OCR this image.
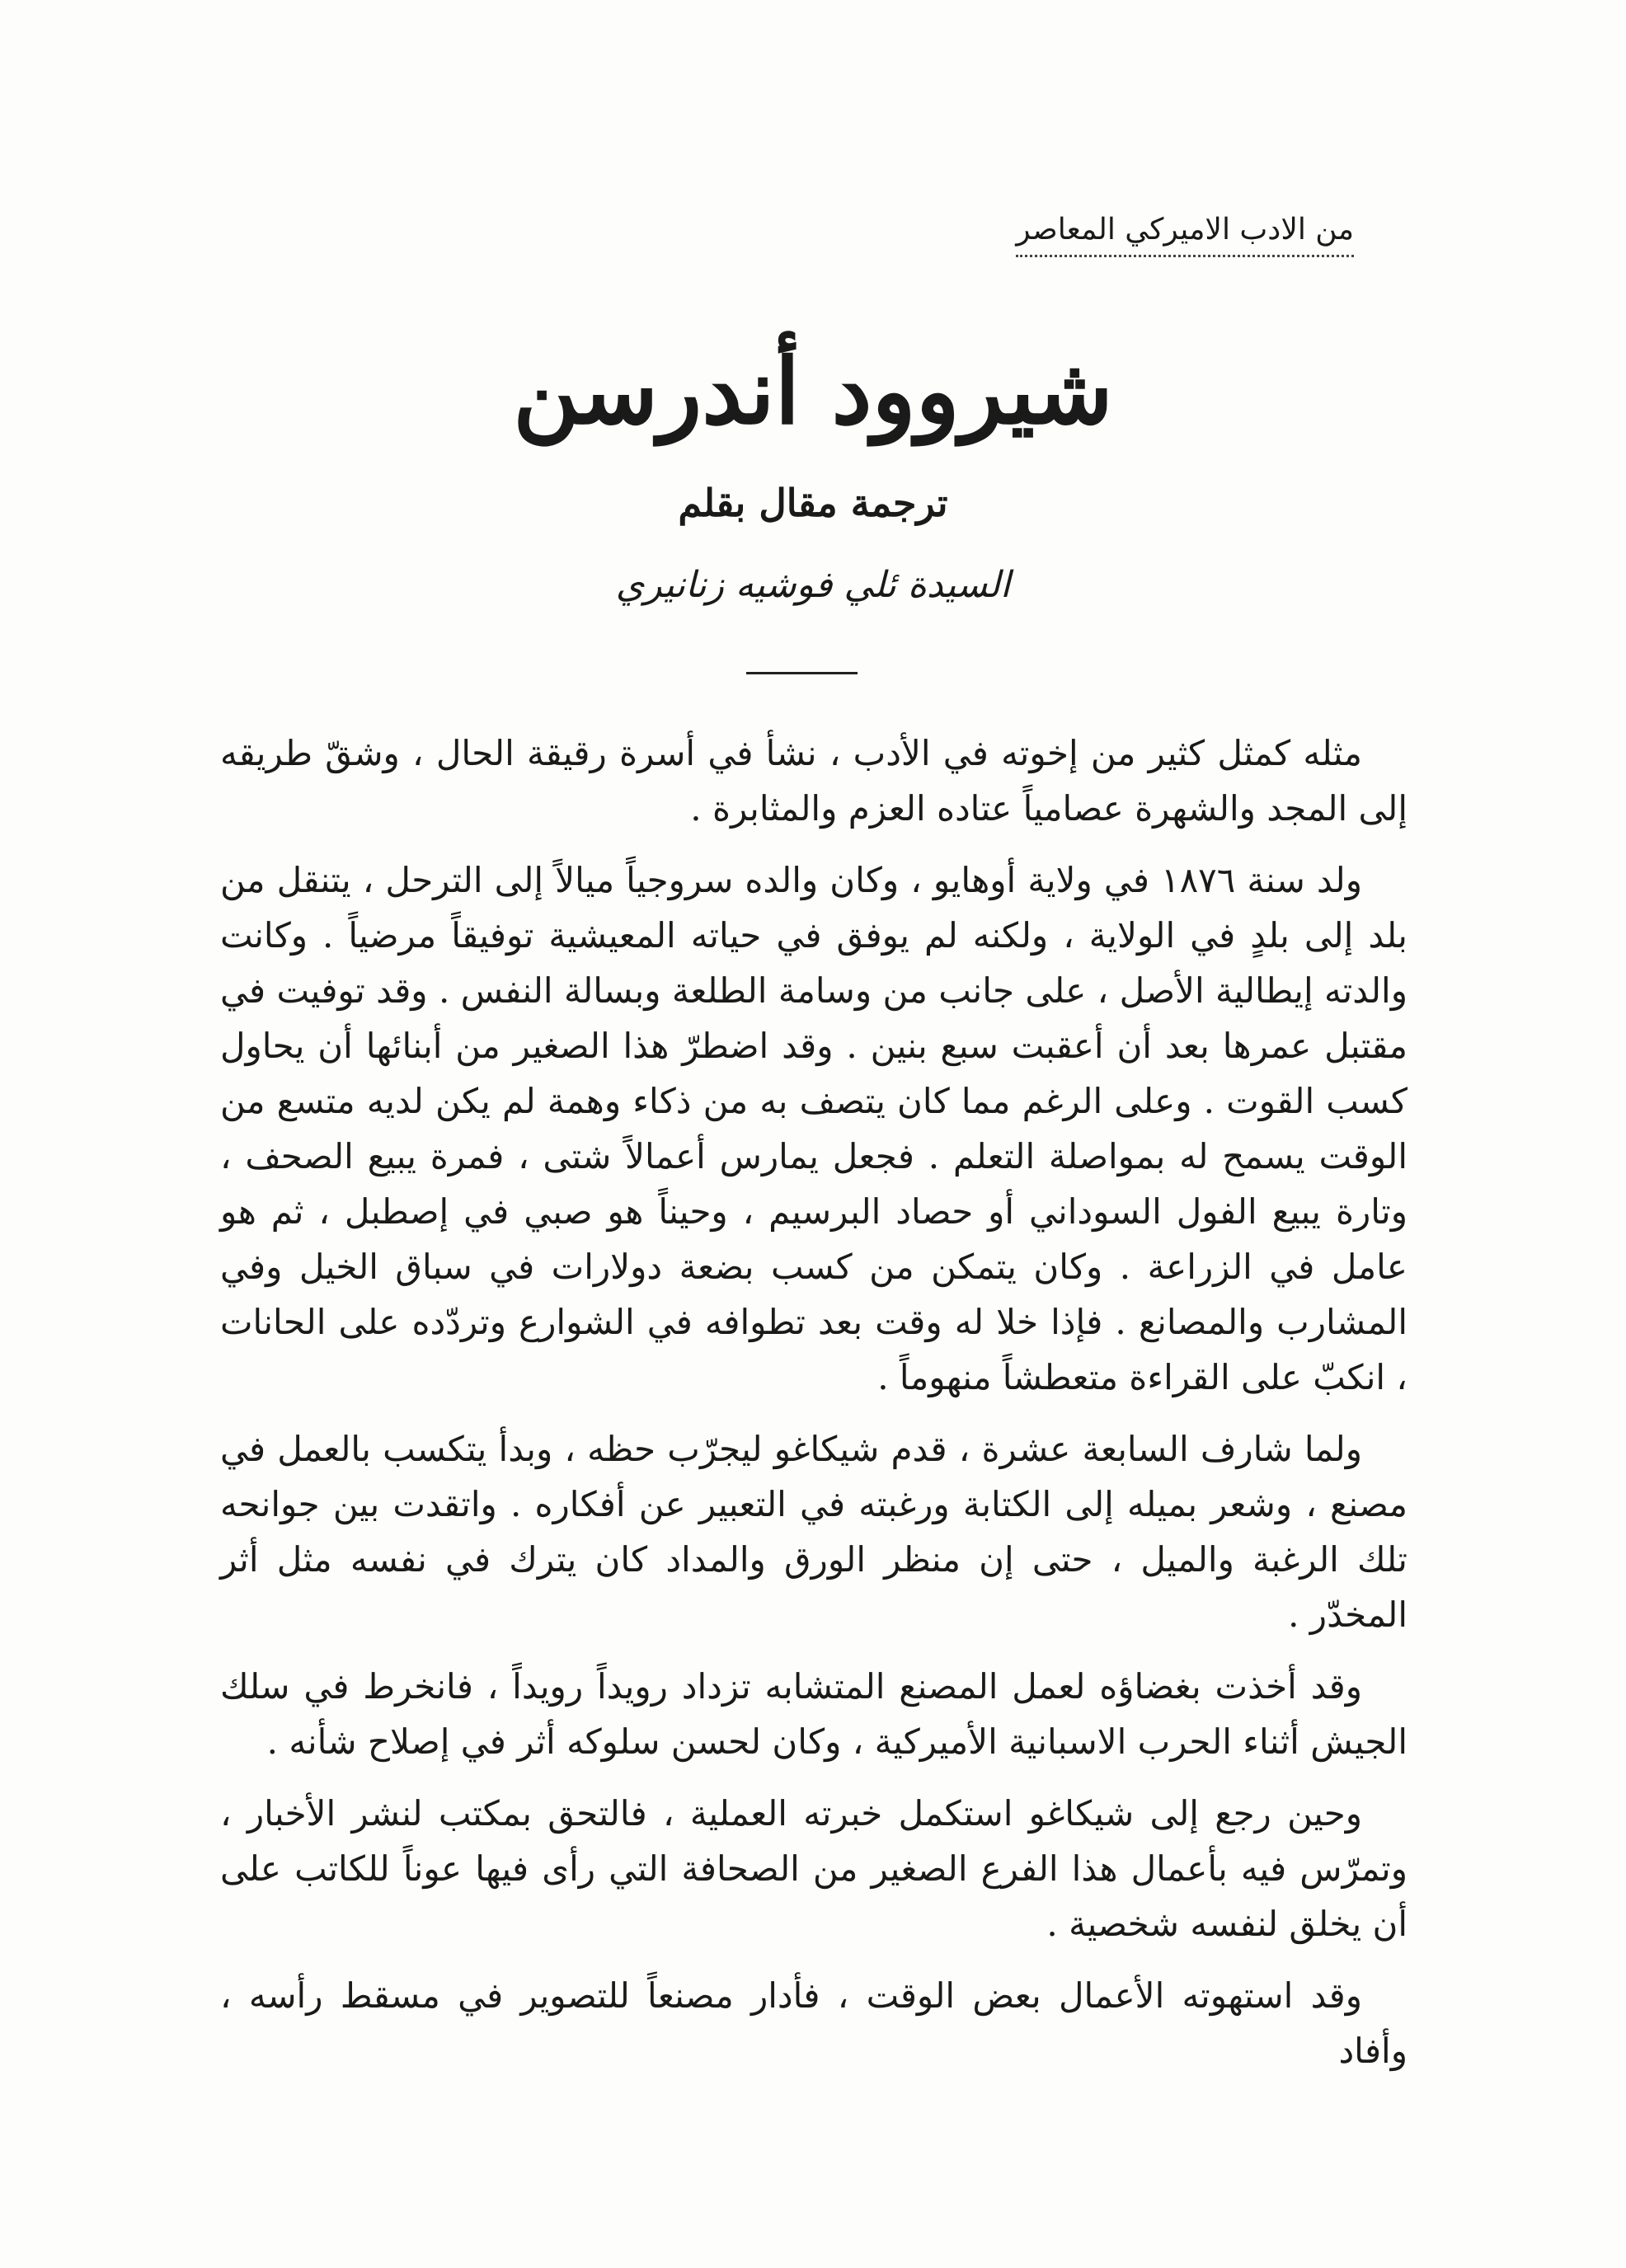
من الادب الاميركي المعاصر
شيروود أندرسن
ترجمة مقال بقلم
السيدة ئلي فوشيه زنانيري

مثله كمثل كثير من إخوته في الأدب ، نشأ في أسرة رقيقة الحال ، وشقّ طريقه إلى المجد والشهرة عصامياً عتاده العزم والمثابرة .

ولد سنة ١٨٧٦ في ولاية أوهايو ، وكان والده سروجياً ميالاً إلى الترحل ، يتنقل من بلد إلى بلدٍ في الولاية ، ولكنه لم يوفق في حياته المعيشية توفيقاً مرضياً . وكانت والدته إيطالية الأصل ، على جانب من وسامة الطلعة وبسالة النفس . وقد توفيت في مقتبل عمرها بعد أن أعقبت سبع بنين . وقد اضطرّ هذا الصغير من أبنائها أن يحاول كسب القوت . وعلى الرغم مما كان يتصف به من ذكاء وهمة لم يكن لديه متسع من الوقت يسمح له بمواصلة التعلم . فجعل يمارس أعمالاً شتى ، فمرة يبيع الصحف ، وتارة يبيع الفول السوداني أو حصاد البرسيم ، وحيناً هو صبي في إصطبل ، ثم هو عامل في الزراعة . وكان يتمكن من كسب بضعة دولارات في سباق الخيل وفي المشارب والمصانع . فإذا خلا له وقت بعد تطوافه في الشوارع وتردّده على الحانات ، انكبّ على القراءة متعطشاً منهوماً .

ولما شارف السابعة عشرة ، قدم شيكاغو ليجرّب حظه ، وبدأ يتكسب بالعمل في مصنع ، وشعر بميله إلى الكتابة ورغبته في التعبير عن أفكاره . واتقدت بين جوانحه تلك الرغبة والميل ، حتى إن منظر الورق والمداد كان يترك في نفسه مثل أثر المخدّر .

وقد أخذت بغضاؤه لعمل المصنع المتشابه تزداد رويداً رويداً ، فانخرط في سلك الجيش أثناء الحرب الاسبانية الأميركية ، وكان لحسن سلوكه أثر في إصلاح شأنه .

وحين رجع إلى شيكاغو استكمل خبرته العملية ، فالتحق بمكتب لنشر الأخبار ، وتمرّس فيه بأعمال هذا الفرع الصغير من الصحافة التي رأى فيها عوناً للكاتب على أن يخلق لنفسه شخصية .

وقد استهوته الأعمال بعض الوقت ، فأدار مصنعاً للتصوير في مسقط رأسه ، وأفاد
